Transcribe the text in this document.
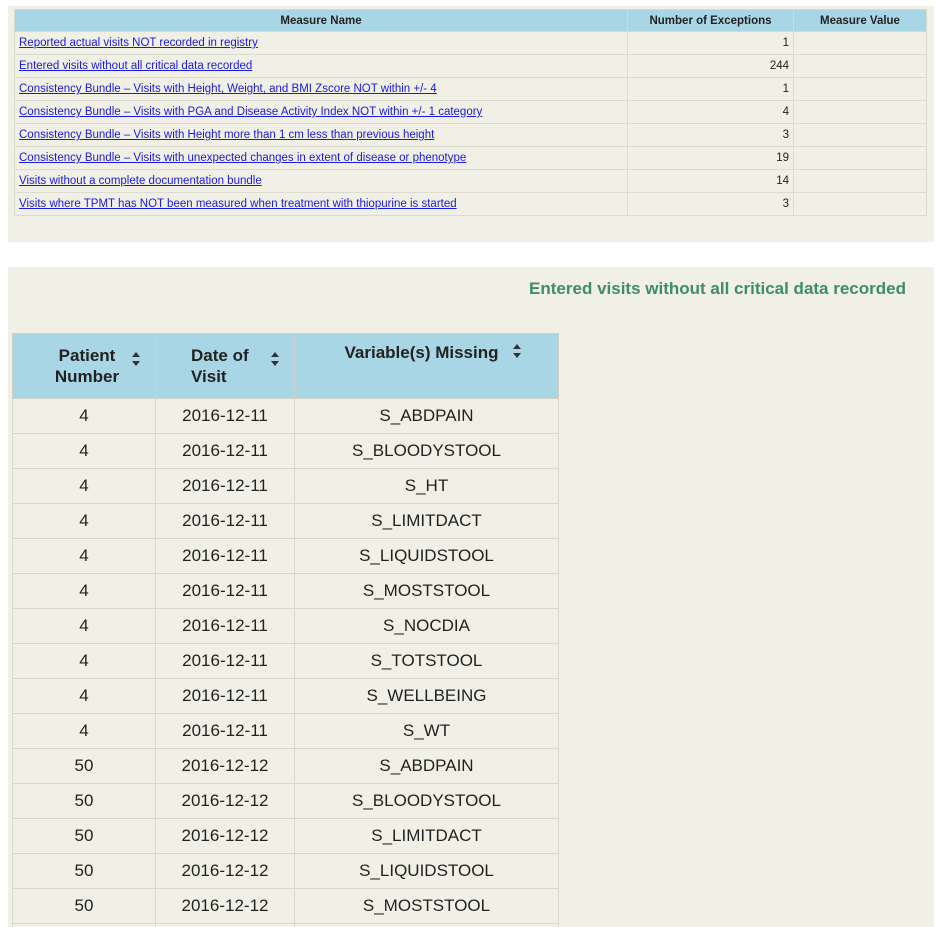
Measure Name	Number of Exceptions	Measure Value
Reported actual visits NOT recorded in registry	1	
Entered visits without all critical data recorded	244	
Consistency Bundle – Visits with Height, Weight, and BMI Zscore NOT within +/- 4	1	
Consistency Bundle – Visits with PGA and Disease Activity Index NOT within +/- 1 category	4	
Consistency Bundle – Visits with Height more than 1 cm less than previous height	3	
Consistency Bundle – Visits with unexpected changes in extent of disease or phenotype	19	
Visits without a complete documentation bundle	14	
Visits where TPMT has NOT been measured when treatment with thiopurine is started	3	
Entered visits without all critical data recorded
Patient Number	Date of Visit	Variable(s) Missing

4	2016-12-11	S_ABDPAIN
4	2016-12-11	S_BLOODYSTOOL
4	2016-12-11	S_HT
4	2016-12-11	S_LIMITDACT
4	2016-12-11	S_LIQUIDSTOOL
4	2016-12-11	S_MOSTSTOOL
4	2016-12-11	S_NOCDIA
4	2016-12-11	S_TOTSTOOL
4	2016-12-11	S_WELLBEING
4	2016-12-11	S_WT
50	2016-12-12	S_ABDPAIN
50	2016-12-12	S_BLOODYSTOOL
50	2016-12-12	S_LIMITDACT
50	2016-12-12	S_LIQUIDSTOOL
50	2016-12-12	S_MOSTSTOOL
